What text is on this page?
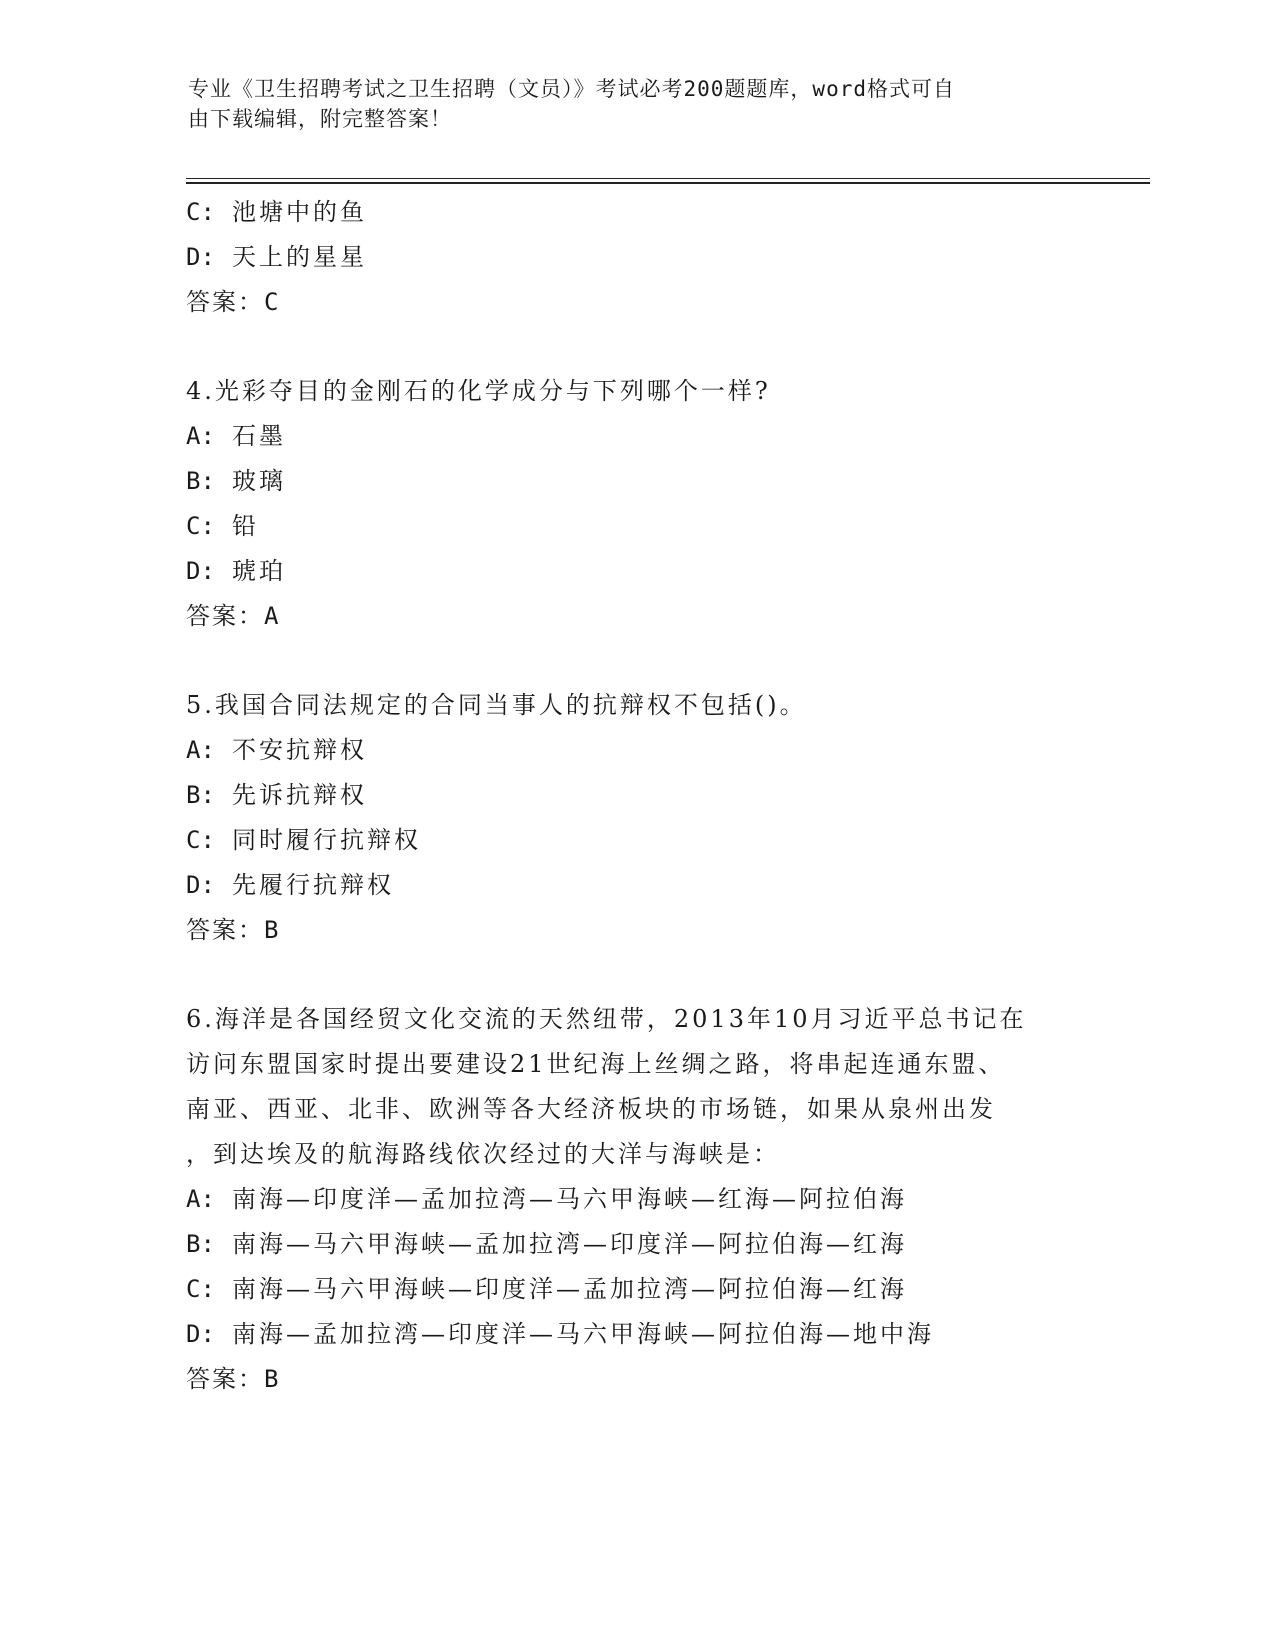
专业《卫生招聘考试之卫生招聘（文员）》考试必考200题题库，word格式可自
由下载编辑，附完整答案！
C: 池塘中的鱼
D: 天上的星星
答案：C
4.光彩夺目的金刚石的化学成分与下列哪个一样?
A: 石墨
B: 玻璃
C: 铅
D: 琥珀
答案：A
5.我国合同法规定的合同当事人的抗辩权不包括()。
A: 不安抗辩权
B: 先诉抗辩权
C: 同时履行抗辩权
D: 先履行抗辩权
答案：B
6.海洋是各国经贸文化交流的天然纽带，2013年10月习近平总书记在
访问东盟国家时提出要建设21世纪海上丝绸之路，将串起连通东盟、
南亚、西亚、北非、欧洲等各大经济板块的市场链，如果从泉州出发
，到达埃及的航海路线依次经过的大洋与海峡是：
A: 南海—印度洋—孟加拉湾—马六甲海峡—红海—阿拉伯海
B: 南海—马六甲海峡—孟加拉湾—印度洋—阿拉伯海—红海
C: 南海—马六甲海峡—印度洋—孟加拉湾—阿拉伯海—红海
D: 南海—孟加拉湾—印度洋—马六甲海峡—阿拉伯海—地中海
答案：B
